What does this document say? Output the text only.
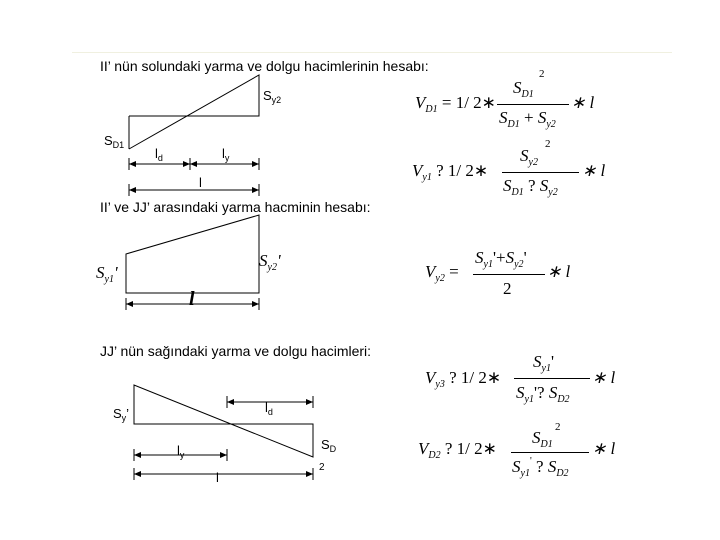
II’ nün solundaki yarma ve dolgu hacimlerinin hesabı:
II’ ve JJ’ arasındaki yarma hacminin hesabı:
JJ’ nün sağındaki yarma ve dolgu hacimleri:
$S_{y2}$
$S_{D1}$
$l_d$	$l_y$
l
$S_{y1}'$
$S_{y2}'$
l
$S_y$’	$l_d$
$S_D$
2
$l_y$
l
$V_{D1} = 1/$ 2∗
$S_{D1}$
2
$S_{D1} + S_{y2}$
∗ l
$V_{y1}$ ? 1/ 2∗
$S_{y2}$
2
$S_{D1}$ ? $S_{y2}$
∗ l
$V_{y2}$ =
$S_{y1}'+S_{y2}'$
2
∗ l
$V_{y3}$ ? 1/ 2∗
$S_{y1}'$
$S_{y1}'$? $S_{D2}$
∗ l
$V_{D2}$ ? 1/ 2∗
$S_{D1}$
2
$S_{y1}'$ ? $S_{D2}$
∗ l
